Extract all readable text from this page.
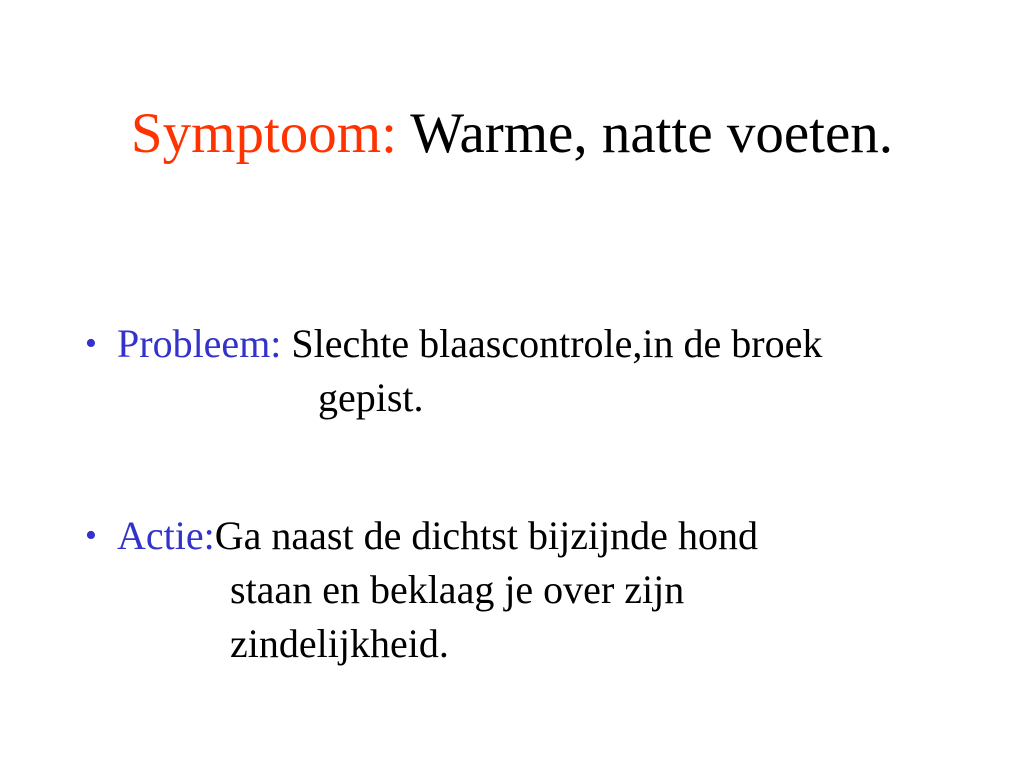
Symptoom: Warme, natte voeten.
• Probleem: Slechte blaascontrole,in de broek
gepist.
• Actie:Ga naast de dichtst bijzijnde hond
staan en beklaag je over zijn
zindelijkheid.
